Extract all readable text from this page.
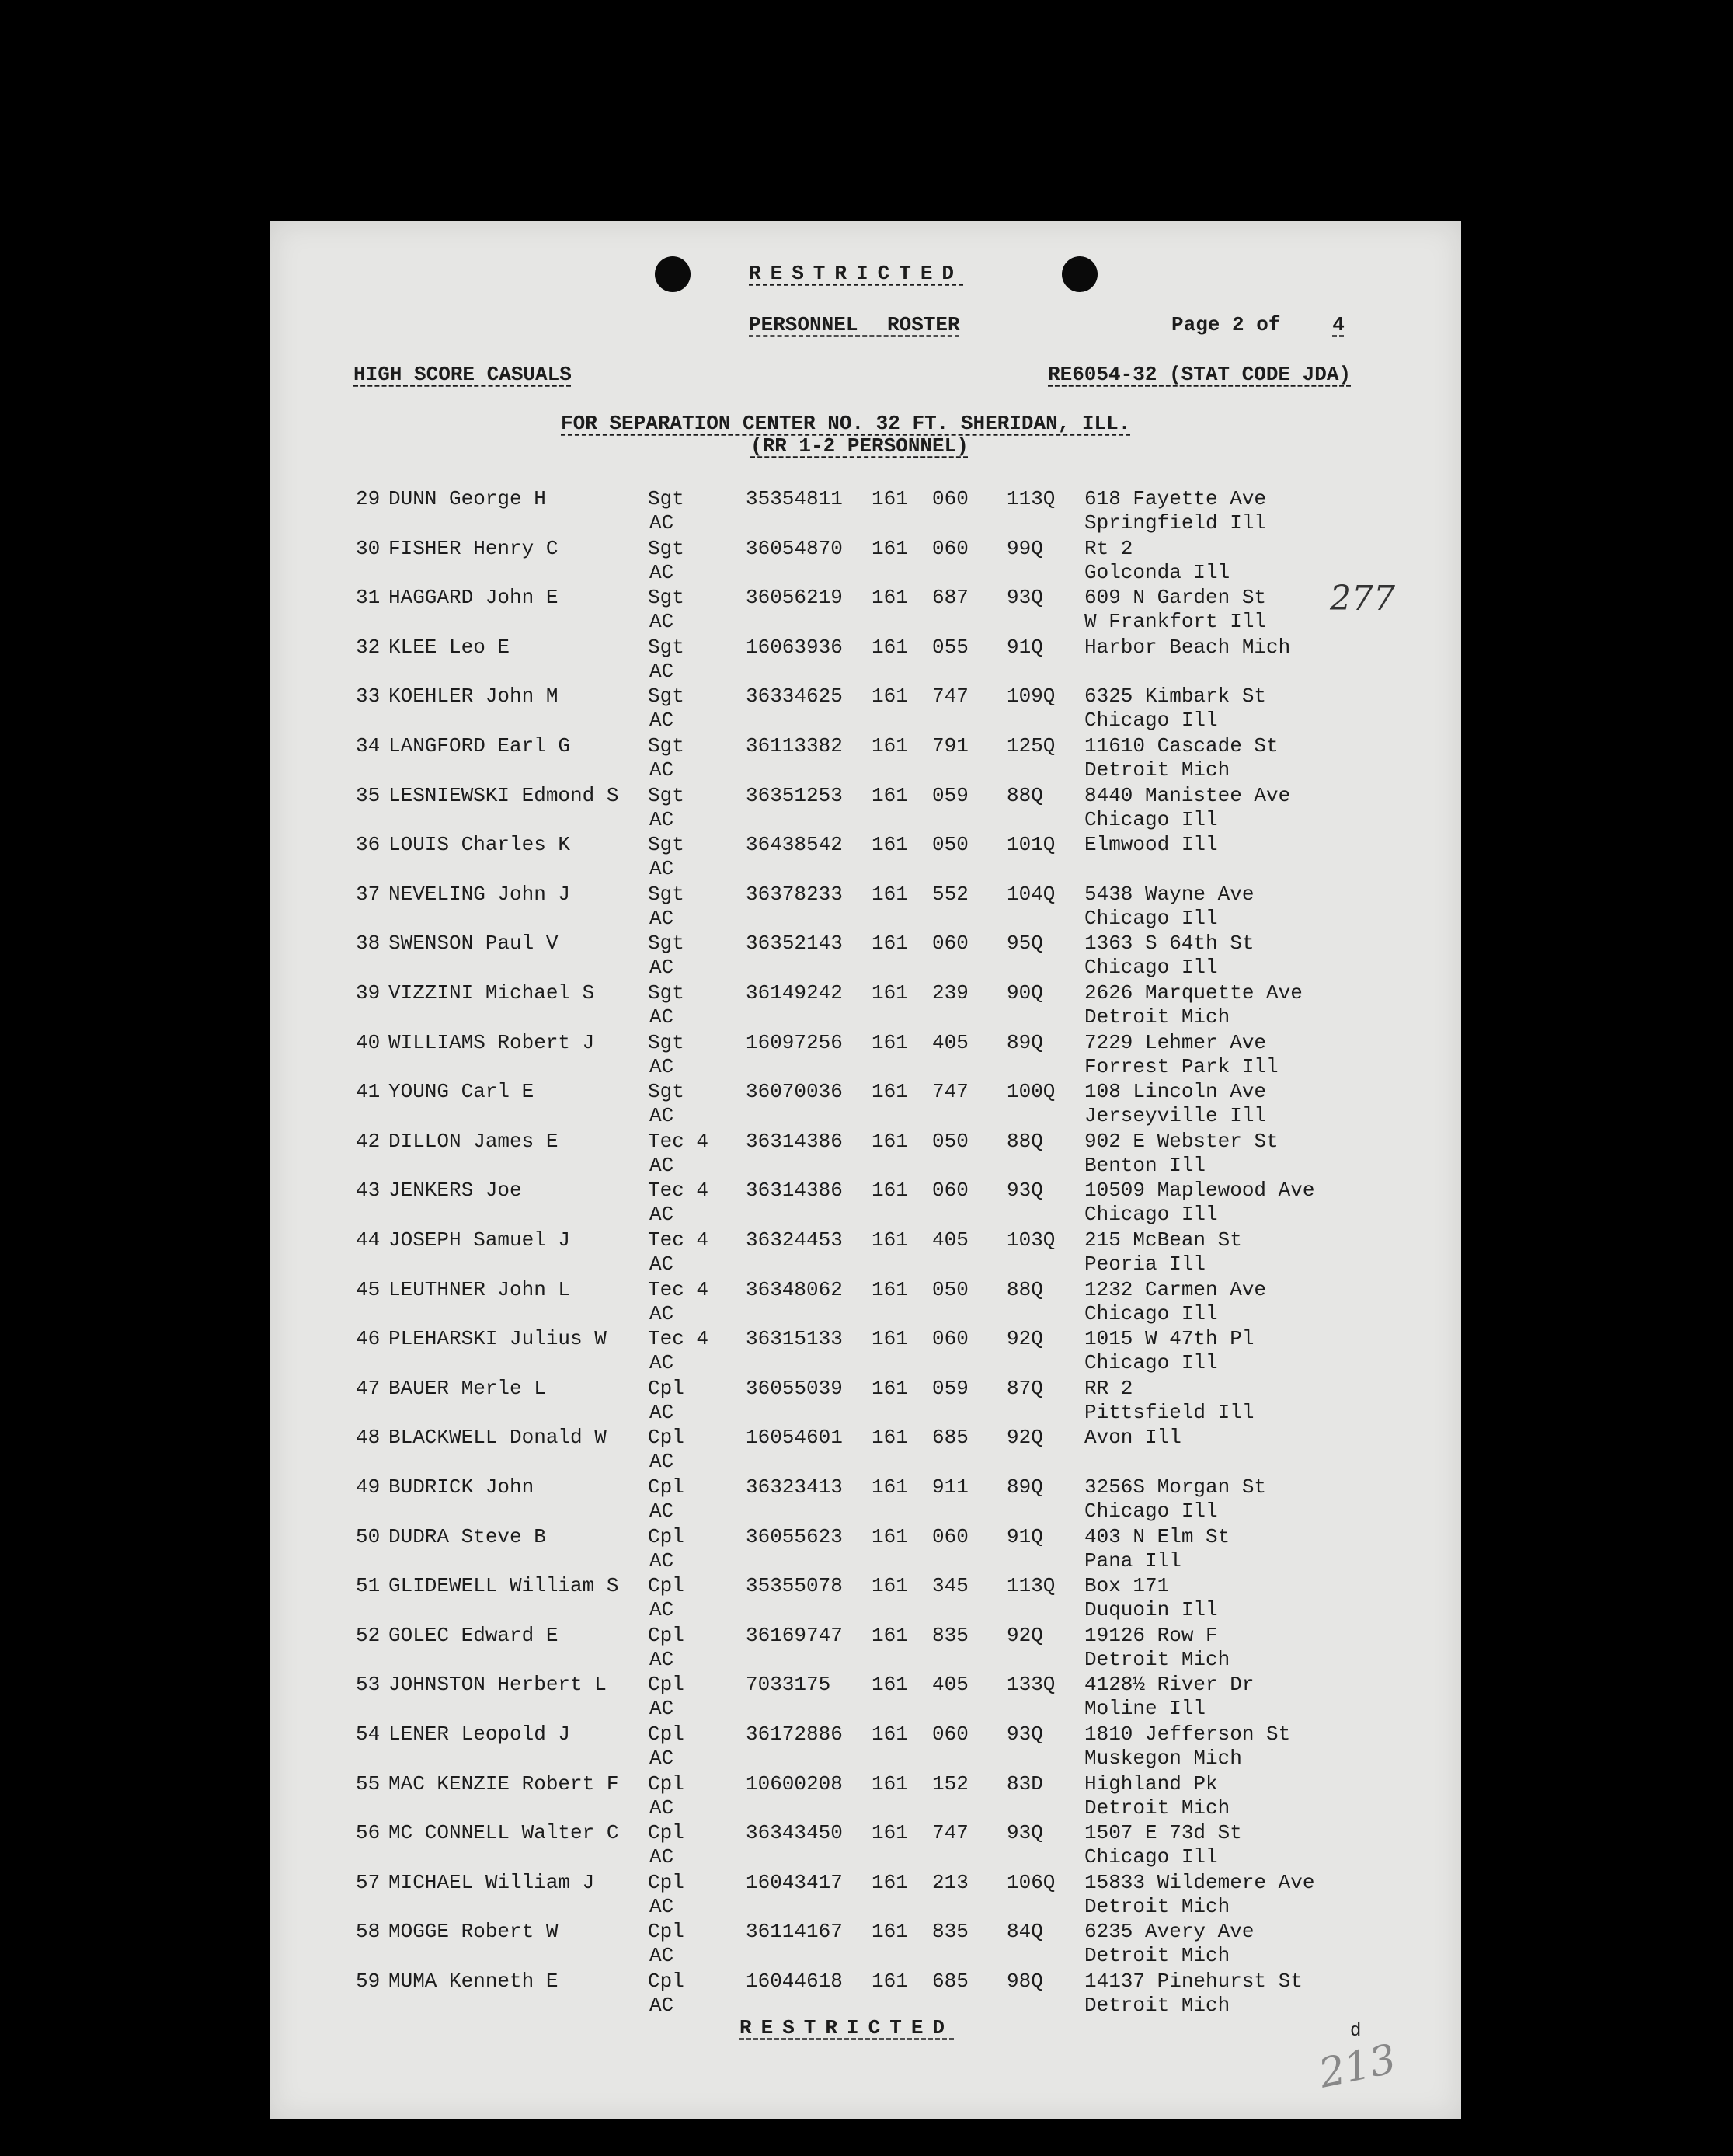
RESTRICTED
PERSONNEL ROSTER	Page 2 of	4
HIGH SCORE CASUALS	RE6054-32 (STAT CODE JDA)
FOR SEPARATION CENTER NO. 32 FT. SHERIDAN, ILL.
(RR 1-2 PERSONNEL)
277
29 DUNN George H	Sgt	35354811 161 060 113Q 618 Fayette Ave
AC	Springfield Ill
30 FISHER Henry C	Sgt	36054870 161 060 99Q Rt 2
AC	Golconda Ill
31 HAGGARD John E	Sgt	36056219 161 687 93Q 609 N Garden St
AC	W Frankfort Ill
32 KLEE Leo E	Sgt	16063936 161 055 91Q Harbor Beach Mich
AC
33 KOEHLER John M	Sgt	36334625 161 747 109Q 6325 Kimbark St
AC	Chicago Ill
34 LANGFORD Earl G	Sgt	36113382 161 791 125Q 11610 Cascade St
AC	Detroit Mich
35 LESNIEWSKI Edmond S Sgt	36351253 161 059 88Q 8440 Manistee Ave
AC	Chicago Ill
36 LOUIS Charles K	Sgt	36438542 161 050 101Q Elmwood Ill
AC
37 NEVELING John J	Sgt	36378233 161 552 104Q 5438 Wayne Ave
AC	Chicago Ill
38 SWENSON Paul V	Sgt	36352143 161 060 95Q 1363 S 64th St
AC	Chicago Ill
39 VIZZINI Michael S	Sgt	36149242 161 239 90Q 2626 Marquette Ave
AC	Detroit Mich
40 WILLIAMS Robert J	Sgt	16097256 161 405 89Q 7229 Lehmer Ave
AC	Forrest Park Ill
41 YOUNG Carl E	Sgt	36070036 161 747 100Q 108 Lincoln Ave
AC	Jerseyville Ill
42 DILLON James E	Tec 4 36314386 161 050 88Q 902 E Webster St
AC	Benton Ill
43 JENKERS Joe	Tec 4 36314386 161 060 93Q 10509 Maplewood Ave
AC	Chicago Ill
44 JOSEPH Samuel J	Tec 4 36324453 161 405 103Q 215 McBean St
AC	Peoria Ill
45 LEUTHNER John L	Tec 4 36348062 161 050 88Q 1232 Carmen Ave
AC	Chicago Ill
46 PLEHARSKI Julius W Tec 4 36315133 161 060 92Q 1015 W 47th Pl
AC	Chicago Ill
47 BAUER Merle L	Cpl	36055039 161 059 87Q RR 2
AC	Pittsfield Ill
48 BLACKWELL Donald W Cpl	16054601 161 685 92Q Avon Ill
AC
49 BUDRICK John	Cpl	36323413 161 911 89Q 3256S Morgan St
AC	Chicago Ill
50 DUDRA Steve B	Cpl	36055623 161 060 91Q 403 N Elm St
AC	Pana Ill
51 GLIDEWELL William S Cpl	35355078 161 345 113Q Box 171
AC	Duquoin Ill
52 GOLEC Edward E	Cpl	36169747 161 835 92Q 19126 Row F
AC	Detroit Mich
53 JOHNSTON Herbert L Cpl	7033175 161 405 133Q 4128½ River Dr
AC	Moline Ill
54 LENER Leopold J	Cpl	36172886 161 060 93Q 1810 Jefferson St
AC	Muskegon Mich
55 MAC KENZIE Robert F Cpl	10600208 161 152 83D Highland Pk
AC	Detroit Mich
56 MC CONNELL Walter C Cpl	36343450 161 747 93Q 1507 E 73d St
AC	Chicago Ill
57 MICHAEL William J	Cpl	16043417 161 213 106Q 15833 Wildemere Ave
AC	Detroit Mich
58 MOGGE Robert W	Cpl	36114167 161 835 84Q 6235 Avery Ave
AC	Detroit Mich
59 MUMA Kenneth E	Cpl	16044618 161 685 98Q 14137 Pinehurst St
AC	Detroit Mich
RESTRICTED	d
213
